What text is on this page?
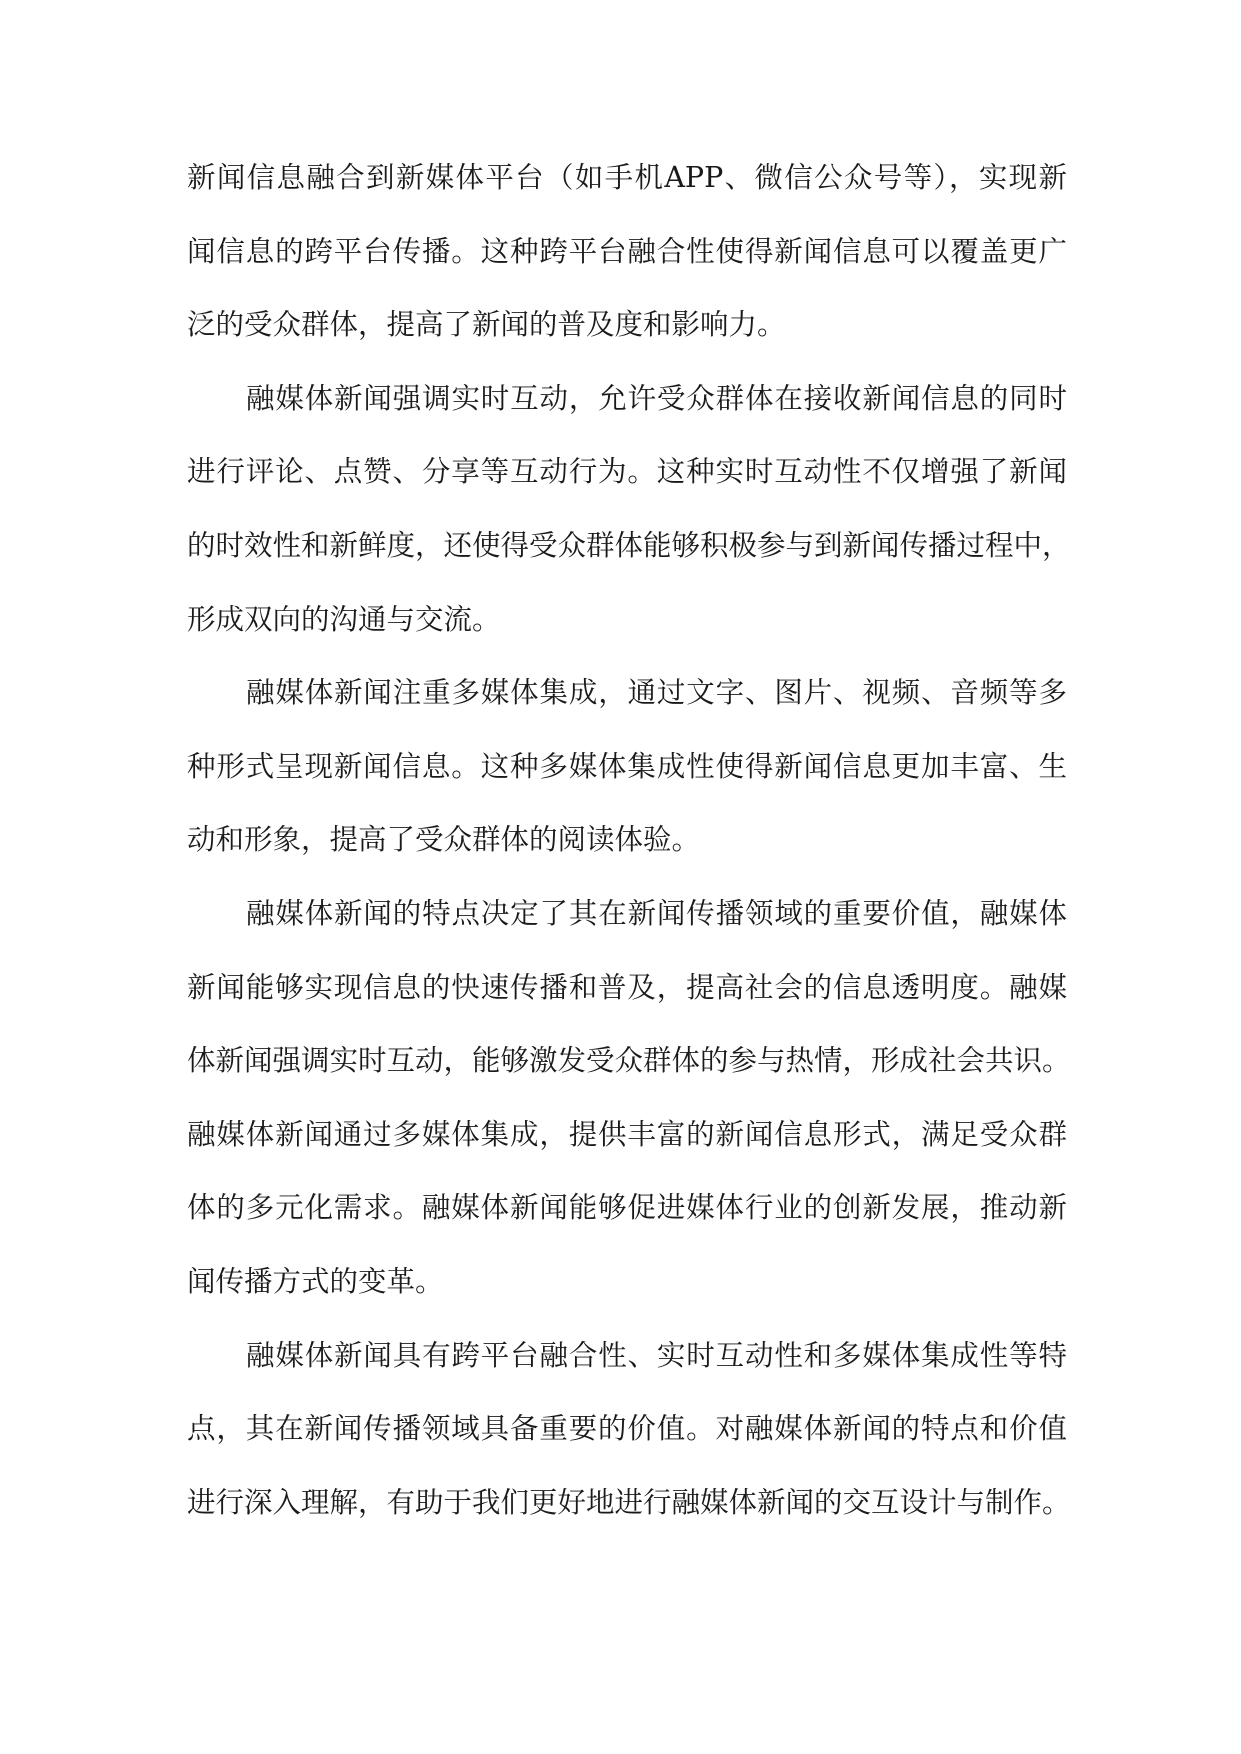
新闻信息融合到新媒体平台（如手机APP、微信公众号等），实现新
闻信息的跨平台传播。这种跨平台融合性使得新闻信息可以覆盖更广
泛的受众群体，提高了新闻的普及度和影响力。
融媒体新闻强调实时互动，允许受众群体在接收新闻信息的同时
进行评论、点赞、分享等互动行为。这种实时互动性不仅增强了新闻
的时效性和新鲜度，还使得受众群体能够积极参与到新闻传播过程中，
形成双向的沟通与交流。
融媒体新闻注重多媒体集成，通过文字、图片、视频、音频等多
种形式呈现新闻信息。这种多媒体集成性使得新闻信息更加丰富、生
动和形象，提高了受众群体的阅读体验。
融媒体新闻的特点决定了其在新闻传播领域的重要价值，融媒体
新闻能够实现信息的快速传播和普及，提高社会的信息透明度。融媒
体新闻强调实时互动，能够激发受众群体的参与热情，形成社会共识。
融媒体新闻通过多媒体集成，提供丰富的新闻信息形式，满足受众群
体的多元化需求。融媒体新闻能够促进媒体行业的创新发展，推动新
闻传播方式的变革。
融媒体新闻具有跨平台融合性、实时互动性和多媒体集成性等特
点，其在新闻传播领域具备重要的价值。对融媒体新闻的特点和价值
进行深入理解，有助于我们更好地进行融媒体新闻的交互设计与制作。
